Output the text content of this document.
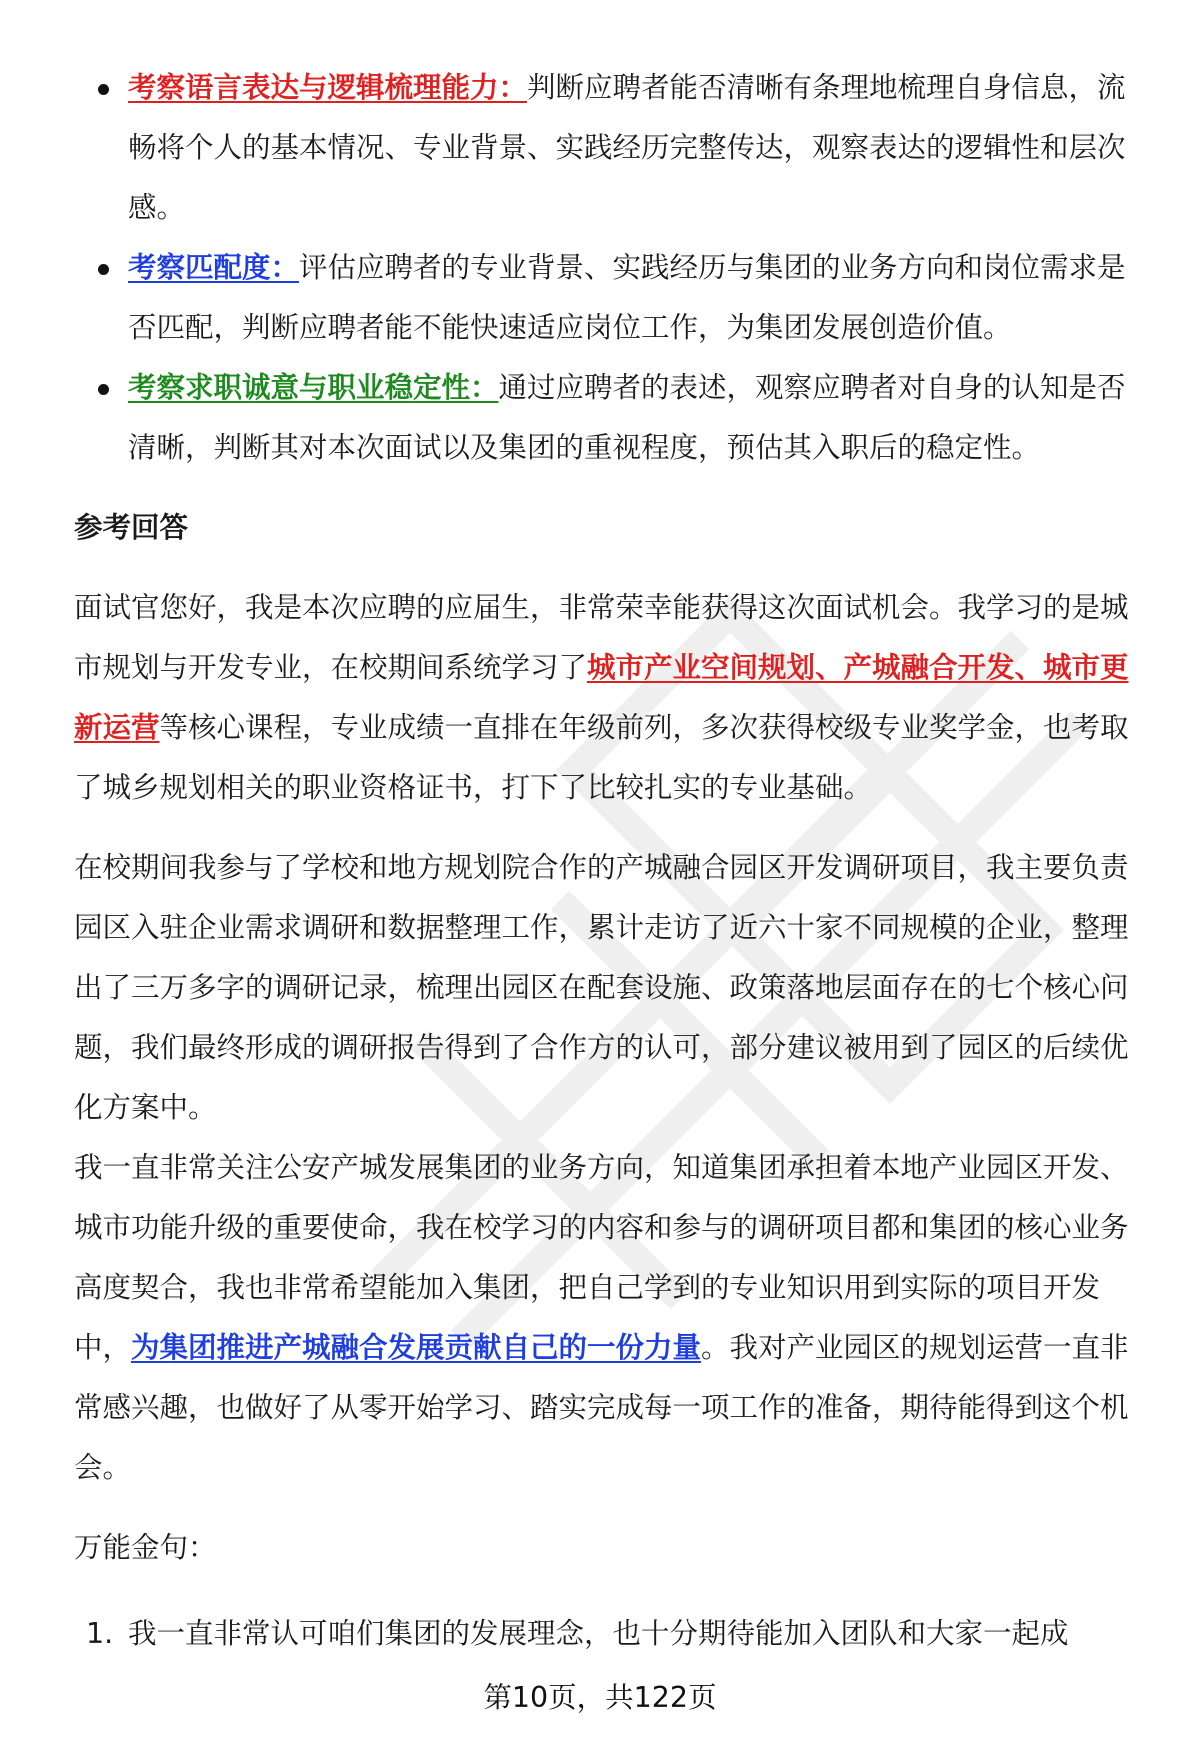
考察语言表达与逻辑梳理能力：判断应聘者能否清晰有条理地梳理自身信息，流畅将个人的基本情况、专业背景、实践经历完整传达，观察表达的逻辑性和层次感。
考察匹配度：评估应聘者的专业背景、实践经历与集团的业务方向和岗位需求是否匹配，判断应聘者能不能快速适应岗位工作，为集团发展创造价值。
考察求职诚意与职业稳定性：通过应聘者的表述，观察应聘者对自身的认知是否清晰，判断其对本次面试以及集团的重视程度，预估其入职后的稳定性。
参考回答

面试官您好，我是本次应聘的应届生，非常荣幸能获得这次面试机会。我学习的是城市规划与开发专业，在校期间系统学习了城市产业空间规划、产城融合开发、城市更新运营等核心课程，专业成绩一直排在年级前列，多次获得校级专业奖学金，也考取了城乡规划相关的职业资格证书，打下了比较扎实的专业基础。

在校期间我参与了学校和地方规划院合作的产城融合园区开发调研项目，我主要负责园区入驻企业需求调研和数据整理工作，累计走访了近六十家不同规模的企业，整理出了三万多字的调研记录，梳理出园区在配套设施、政策落地层面存在的七个核心问题，我们最终形成的调研报告得到了合作方的认可，部分建议被用到了园区的后续优化方案中。

我一直非常关注公安产城发展集团的业务方向，知道集团承担着本地产业园区开发、城市功能升级的重要使命，我在校学习的内容和参与的调研项目都和集团的核心业务高度契合，我也非常希望能加入集团，把自己学到的专业知识用到实际的项目开发中，为集团推进产城融合发展贡献自己的一份力量。我对产业园区的规划运营一直非常感兴趣，也做好了从零开始学习、踏实完成每一项工作的准备，期待能得到这个机会。

万能金句：

1. 我一直非常认可咱们集团的发展理念，也十分期待能加入团队和大家一起成
第10页，共122页
